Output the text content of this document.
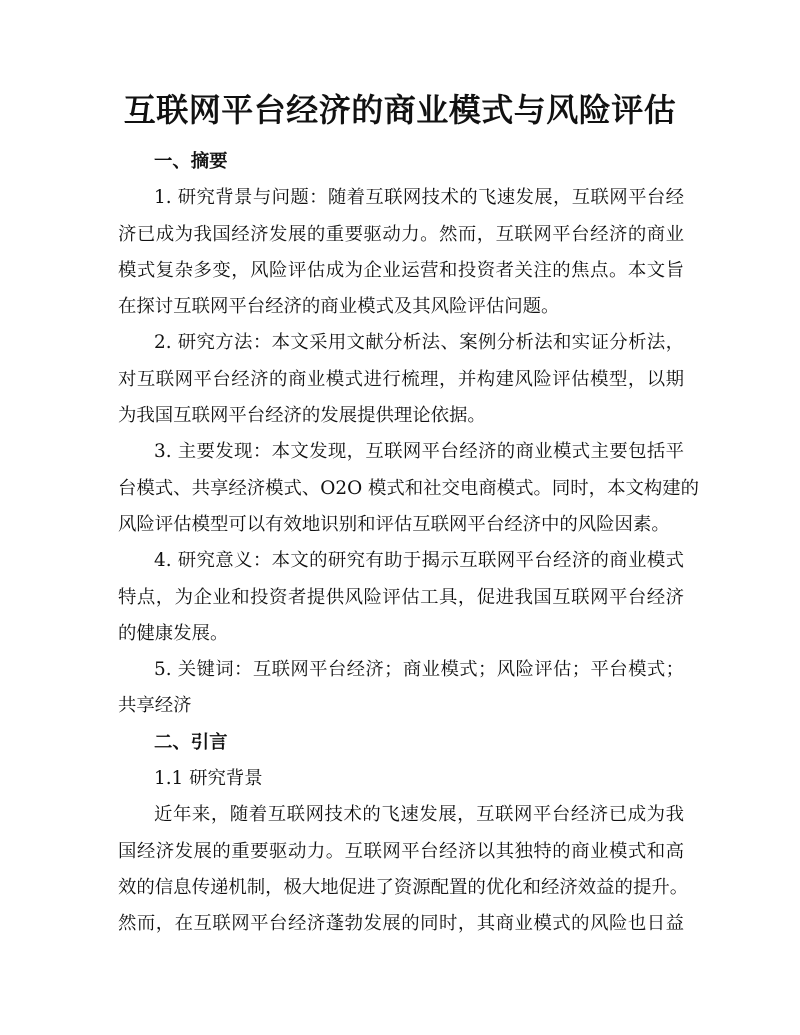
互联网平台经济的商业模式与风险评估
一、摘要
1. 研究背景与问题：随着互联网技术的飞速发展，互联网平台经
济已成为我国经济发展的重要驱动力。然而，互联网平台经济的商业
模式复杂多变，风险评估成为企业运营和投资者关注的焦点。本文旨
在探讨互联网平台经济的商业模式及其风险评估问题。
2. 研究方法：本文采用文献分析法、案例分析法和实证分析法，
对互联网平台经济的商业模式进行梳理，并构建风险评估模型，以期
为我国互联网平台经济的发展提供理论依据。
3. 主要发现：本文发现，互联网平台经济的商业模式主要包括平
台模式、共享经济模式、O2O 模式和社交电商模式。同时，本文构建的
风险评估模型可以有效地识别和评估互联网平台经济中的风险因素。
4. 研究意义：本文的研究有助于揭示互联网平台经济的商业模式
特点，为企业和投资者提供风险评估工具，促进我国互联网平台经济
的健康发展。
5. 关键词：互联网平台经济；商业模式；风险评估；平台模式；
共享经济
二、引言
1.1 研究背景
近年来，随着互联网技术的飞速发展，互联网平台经济已成为我
国经济发展的重要驱动力。互联网平台经济以其独特的商业模式和高
效的信息传递机制，极大地促进了资源配置的优化和经济效益的提升。
然而，在互联网平台经济蓬勃发展的同时，其商业模式的风险也日益
